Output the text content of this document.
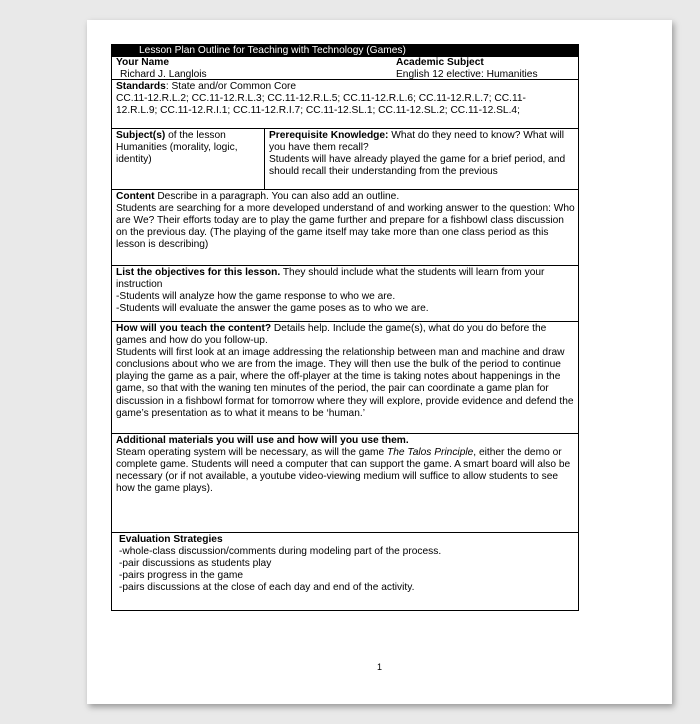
Lesson Plan Outline for Teaching with Technology (Games)
Your Name
Richard J. Langlois
Academic Subject
English 12 elective: Humanities
Standards: State and/or Common Core
CC.11-12.R.L.2; CC.11-12.R.L.3; CC.11-12.R.L.5; CC.11-12.R.L.6; CC.11-12.R.L.7; CC.11-
12.R.L.9; CC.11-12.R.I.1; CC.11-12.R.I.7; CC.11-12.SL.1; CC.11-12.SL.2; CC.11-12.SL.4;
Subject(s) of the lesson
Humanities (morality, logic, identity)
Prerequisite Knowledge: What do they need to know? What will you have them recall?
Students will have already played the game for a brief period, and should recall their understanding from the previous
Content Describe in a paragraph. You can also add an outline.
Students are searching for a more developed understand of and working answer to the question: Who are We? Their efforts today are to play the game further and prepare for a fishbowl class discussion on the previous day. (The playing of the game itself may take more than one class period as this lesson is describing)
List the objectives for this lesson. They should include what the students will learn from your instruction
-Students will analyze how the game response to who we are.
-Students will evaluate the answer the game poses as to who we are.
How will you teach the content? Details help. Include the game(s), what do you do before the games and how do you follow-up.
Students will first look at an image addressing the relationship between man and machine and draw conclusions about who we are from the image. They will then use the bulk of the period to continue playing the game as a pair, where the off-player at the time is taking notes about happenings in the game, so that with the waning ten minutes of the period, the pair can coordinate a game plan for discussion in a fishbowl format for tomorrow where they will explore, provide evidence and defend the game’s presentation as to what it means to be ‘human.’
Additional materials you will use and how will you use them.
Steam operating system will be necessary, as will the game The Talos Principle, either the demo or complete game. Students will need a computer that can support the game. A smart board will also be necessary (or if not available, a youtube video-viewing medium will suffice to allow students to see how the game plays).
Evaluation Strategies
-whole-class discussion/comments during modeling part of the process.
-pair discussions as students play
-pairs progress in the game
-pairs discussions at the close of each day and end of the activity.
1
